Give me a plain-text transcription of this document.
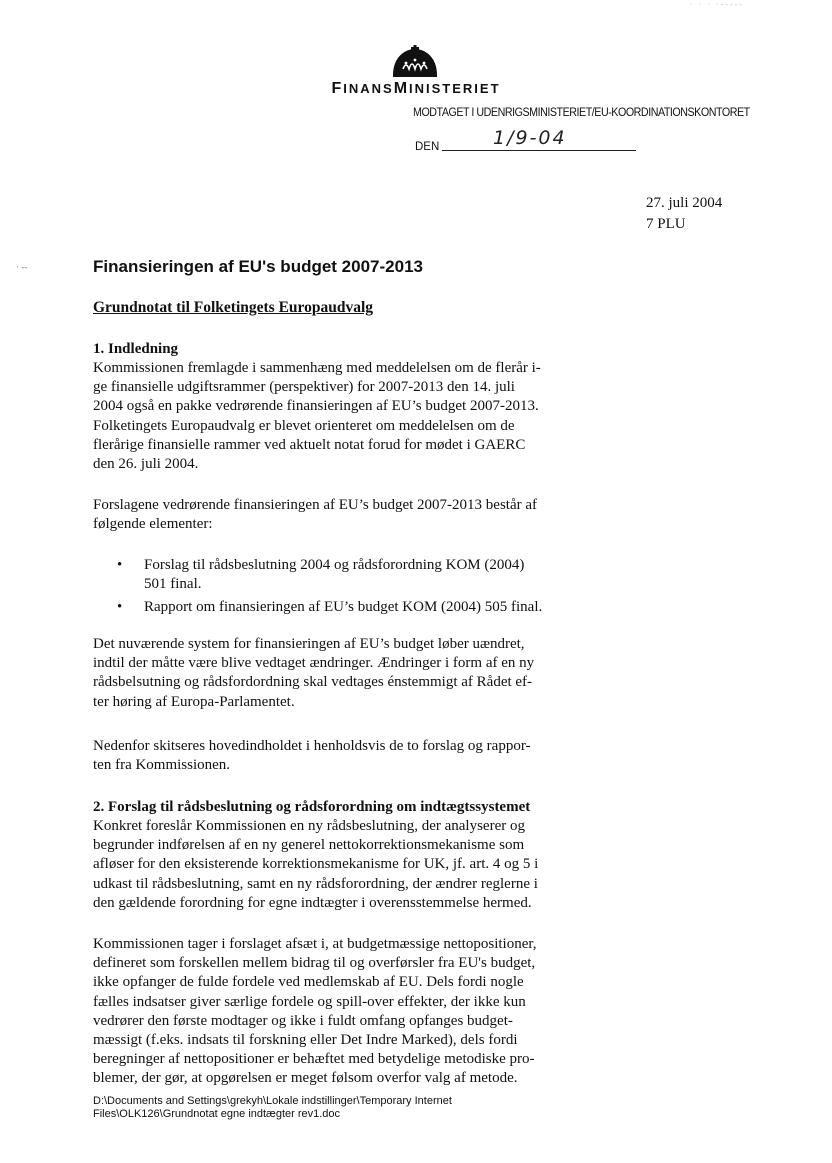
FINANSMINISTERIET
MODTAGET I UDENRIGSMINISTERIET/EU-KOORDINATIONSKONTORET
DEN	1/9-04
27. juli 2004
7 PLU
· ‐‐
· · · ·‐‐‐‐‐
Finansieringen af EU's budget 2007-2013
Grundnotat til Folketingets Europaudvalg
1. Indledning
Kommissionen fremlagde i sammenhæng med meddelelsen om de flerår i-
ge finansielle udgiftsrammer (perspektiver) for 2007-2013 den 14. juli
2004 også en pakke vedrørende finansieringen af EU’s budget 2007-2013.
Folketingets Europaudvalg er blevet orienteret om meddelelsen om de
flerårige finansielle rammer ved aktuelt notat forud for mødet i GAERC
den 26. juli 2004.
Forslagene vedrørende finansieringen af EU’s budget 2007-2013 består af
følgende elementer:
• Forslag til rådsbeslutning 2004 og rådsforordning KOM (2004)
501 final.
• Rapport om finansieringen af EU’s budget KOM (2004) 505 final.
Det nuværende system for finansieringen af EU’s budget løber uændret,
indtil der måtte være blive vedtaget ændringer. Ændringer i form af en ny
rådsbelsutning og rådsfordordning skal vedtages énstemmigt af Rådet ef-
ter høring af Europa-Parlamentet.
Nedenfor skitseres hovedindholdet i henholdsvis de to forslag og rappor-
ten fra Kommissionen.
2. Forslag til rådsbeslutning og rådsforordning om indtægtssystemet
Konkret foreslår Kommissionen en ny rådsbeslutning, der analyserer og
begrunder indførelsen af en ny generel nettokorrektionsmekanisme som
afløser for den eksisterende korrektionsmekanisme for UK, jf. art. 4 og 5 i
udkast til rådsbeslutning, samt en ny rådsforordning, der ændrer reglerne i
den gældende forordning for egne indtægter i overensstemmelse hermed.
Kommissionen tager i forslaget afsæt i, at budgetmæssige nettopositioner,
defineret som forskellen mellem bidrag til og overførsler fra EU's budget,
ikke opfanger de fulde fordele ved medlemskab af EU. Dels fordi nogle
fælles indsatser giver særlige fordele og spill-over effekter, der ikke kun
vedrører den første modtager og ikke i fuldt omfang opfanges budget-
mæssigt (f.eks. indsats til forskning eller Det Indre Marked), dels fordi
beregninger af nettopositioner er behæftet med betydelige metodiske pro-
blemer, der gør, at opgørelsen er meget følsom overfor valg af metode.
D:\Documents and Settings\grekyh\Lokale indstillinger\Temporary Internet
Files\OLK126\Grundnotat egne indtægter rev1.doc
